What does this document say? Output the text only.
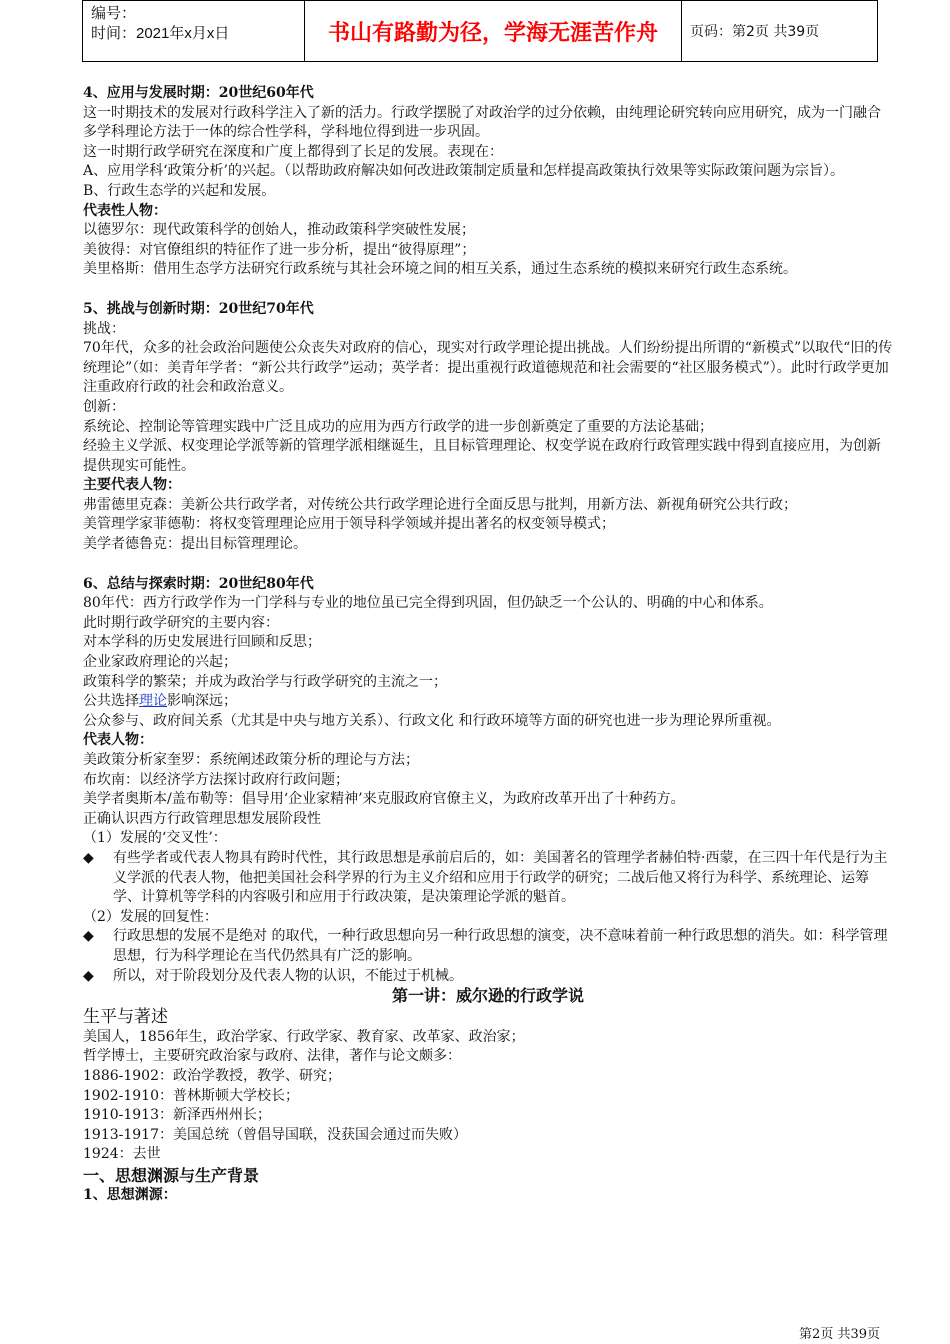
编号：
时间：2021年x月x日	书山有路勤为径，学海无涯苦作舟	页码：第2页 共39页

4、应用与发展时期：20世纪60年代

这一时期技术的发展对行政科学注入了新的活力。行政学摆脱了对政治学的过分依赖，由纯理论研究转向应用研究，成为一门融合多学科理论方法于一体的综合性学科，学科地位得到进一步巩固。

这一时期行政学研究在深度和广度上都得到了长足的发展。表现在：

A、应用学科‘政策分析’的兴起。（以帮助政府解决如何改进政策制定质量和怎样提高政策执行效果等实际政策问题为宗旨）。

B、行政生态学的兴起和发展。

代表性人物：

以德罗尔：现代政策科学的创始人，推动政策科学突破性发展；

美彼得：对官僚组织的特征作了进一步分析，提出“彼得原理”；

美里格斯：借用生态学方法研究行政系统与其社会环境之间的相互关系，通过生态系统的模拟来研究行政生态系统。

5、挑战与创新时期：20世纪70年代

挑战：

70年代，众多的社会政治问题使公众丧失对政府的信心，现实对行政学理论提出挑战。人们纷纷提出所谓的“新模式”以取代“旧的传统理论”（如：美青年学者：“新公共行政学”运动；英学者：提出重视行政道德规范和社会需要的“社区服务模式”）。此时行政学更加注重政府行政的社会和政治意义。

创新：

系统论、控制论等管理实践中广泛且成功的应用为西方行政学的进一步创新奠定了重要的方法论基础；

经验主义学派、权变理论学派等新的管理学派相继诞生，且目标管理理论、权变学说在政府行政管理实践中得到直接应用，为创新提供现实可能性。

主要代表人物：

弗雷德里克森：美新公共行政学者，对传统公共行政学理论进行全面反思与批判，用新方法、新视角研究公共行政；

美管理学家菲德勒：将权变管理理论应用于领导科学领域并提出著名的权变领导模式；

美学者德鲁克：提出目标管理理论。

6、总结与探索时期：20世纪80年代

80年代：西方行政学作为一门学科与专业的地位虽已完全得到巩固，但仍缺乏一个公认的、明确的中心和体系。

此时期行政学研究的主要内容：

对本学科的历史发展进行回顾和反思；

企业家政府理论的兴起；

政策科学的繁荣；并成为政治学与行政学研究的主流之一；

公共选择理论影响深远；

公众参与、政府间关系（尤其是中央与地方关系）、行政文化 和行政环境等方面的研究也进一步为理论界所重视。

代表人物：

美政策分析家奎罗：系统阐述政策分析的理论与方法；

布坎南：以经济学方法探讨政府行政问题；

美学者奥斯本/盖布勒等：倡导用‘企业家精神’来克服政府官僚主义，为政府改革开出了十种药方。

正确认识西方行政管理思想发展阶段性

（1）发展的‘交叉性’：

◆	有些学者或代表人物具有跨时代性，其行政思想是承前启后的，如：美国著名的管理学者赫伯特·西蒙，在三四十年代是行为主义学派的代表人物，他把美国社会科学界的行为主义介绍和应用于行政学的研究；二战后他又将行为科学、系统理论、运筹学、计算机等学科的内容吸引和应用于行政决策，是决策理论学派的魁首。

（2）发展的回复性：

◆	行政思想的发展不是绝对 的取代，一种行政思想向另一种行政思想的演变，决不意味着前一种行政思想的消失。如：科学管理思想，行为科学理论在当代仍然具有广泛的影响。

◆	所以，对于阶段划分及代表人物的认识，不能过于机械。

第一讲：威尔逊的行政学说

生平与著述

美国人，1856年生，政治学家、行政学家、教育家、改革家、政治家；

哲学博士，主要研究政治家与政府、法律，著作与论文颇多：

1886-1902：政治学教授，教学、研究；

1902-1910：普林斯顿大学校长；

1910-1913：新泽西州州长；

1913-1917：美国总统（曾倡导国联，没获国会通过而失败）

1924：去世

一、思想渊源与生产背景

1、思想渊源：

第2页 共39页
